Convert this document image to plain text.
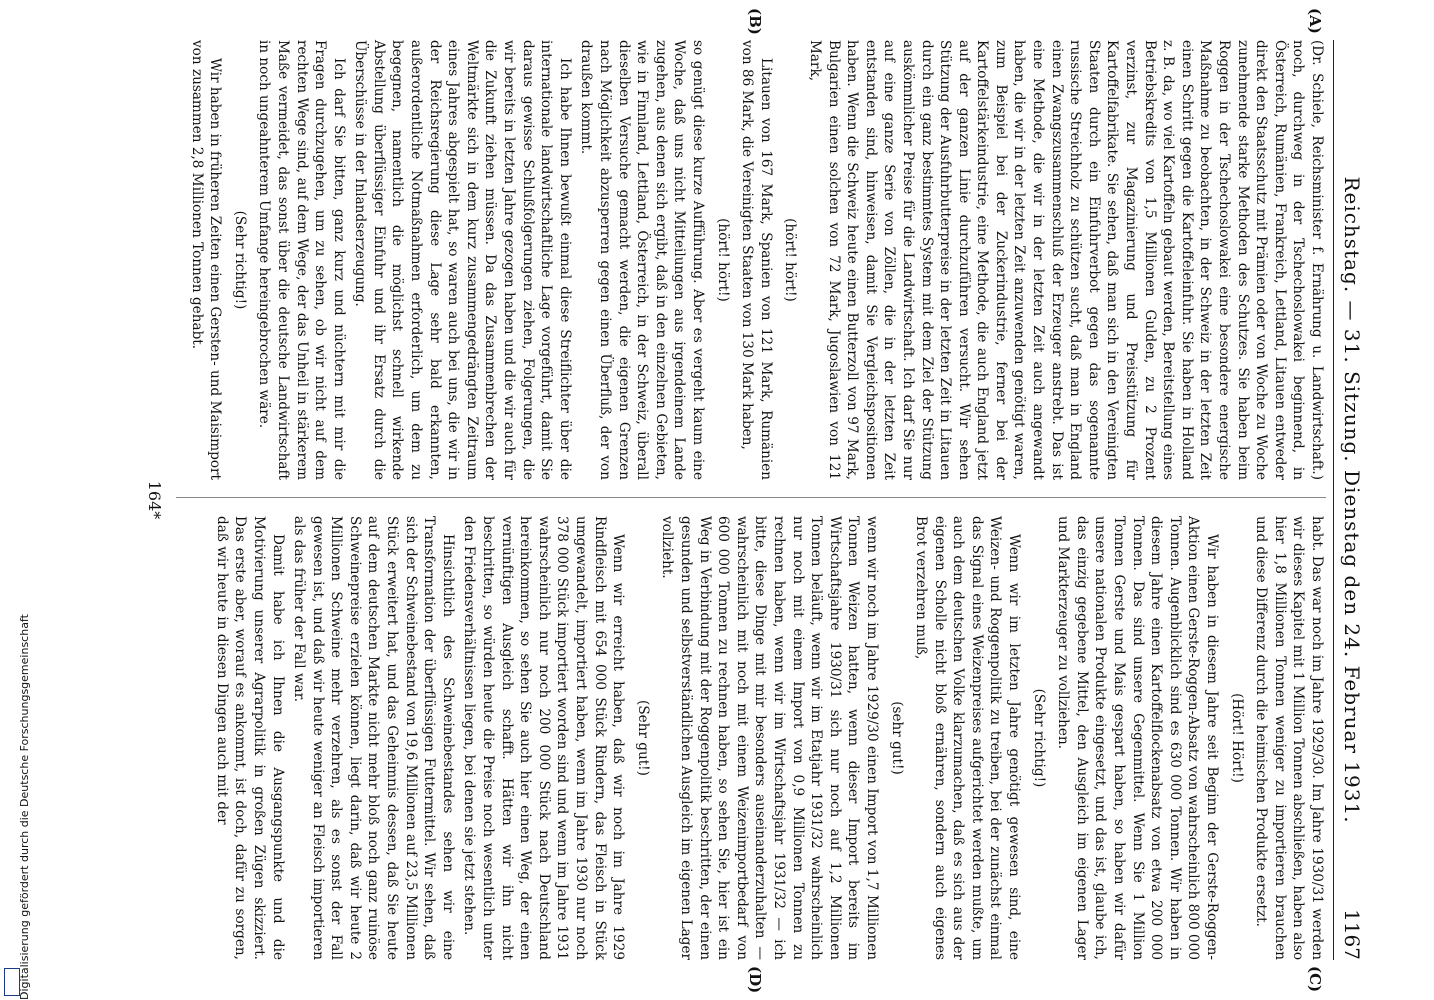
Digitalisierung gefördert durch die Deutsche Forschungsgemeinschaft	Reichstag. — 31. Sitzung. Dienstag den 24. Februar 1931.
1167
(A)
(B)
(C)
(D)

(Dr. Schiele, Reichsminister f. Ernährung u. Landwirtschaft.) noch, durchweg in der Tschechoslowakei beginnend, in Österreich, Rumänien, Frankreich, Lettland, Litauen entweder direkt den Staatsschutz mit Prämien oder von Woche zu Woche zunehmende starke Methoden des Schutzes. Sie haben beim Roggen in der Tschechoslowakei eine besondere energische Maßnahme zu beobachten, in der Schweiz in der letzten Zeit einen Schritt gegen die Kartoffeleinfuhr. Sie haben in Holland z. B. da, wo viel Kartoffeln gebaut werden, Bereitstellung eines Betriebskredits von 1,5 Millionen Gulden, zu 2 Prozent verzinst, zur Magazinierung und Preisstützung für Kartoffelfabrikate. Sie sehen, daß man sich in den Vereinigten Staaten durch ein Einfuhrverbot gegen das sogenannte russische Streichholz zu schützen sucht, daß man in England einen Zwangszusammenschluß der Erzeuger anstrebt. Das ist eine Methode, die wir in der letzten Zeit auch angewandt haben, die wir in der letzten Zeit anzuwenden genötigt waren, zum Beispiel bei der Zuckerindustrie, ferner bei der Kartoffelstärkeindustrie, eine Methode, die auch England jetzt auf der ganzen Linie durchzuführen versucht. Wir sehen Stützung der Ausfuhrbutterpreise in der letzten Zeit in Litauen durch ein ganz bestimmtes System mit dem Ziel der Stützung auskömmlicher Preise für die Landwirtschaft. Ich darf Sie nur auf eine ganze Serie von Zöllen, die in der letzten Zeit entstanden sind, hinweisen, damit Sie Vergleichspositionen haben. Wenn die Schweiz heute einen Butterzoll von 97 Mark, Bulgarien einen solchen von 72 Mark, Jugoslawien von 121 Mark,

(hört! hört!)

Litauen von 167 Mark, Spanien von 121 Mark, Rumänien von 86 Mark, die Vereinigten Staaten von 130 Mark haben,

(hört! hört!)

so genügt diese kurze Aufführung. Aber es vergeht kaum eine Woche, daß uns nicht Mitteilungen aus irgendeinem Lande zugehen, aus denen sich ergibt, daß in den einzelnen Gebieten, wie in Finnland, Lettland, Österreich, in der Schweiz, überall dieselben Versuche gemacht werden, die eigenen Grenzen nach Möglichkeit abzusperren gegen einen Überfluß, der von draußen kommt.

Ich habe Ihnen bewußt einmal diese Streiflichter über die internationale landwirtschaftliche Lage vorgeführt, damit Sie daraus gewisse Schlußfolgerungen ziehen, Folgerungen, die wir bereits in letzten Jahre gezogen haben und die wir auch für die Zukunft ziehen müssen. Da das Zusammenbrechen der Weltmärkte sich in dem kurz zusammengedrängten Zeitraum eines Jahres abgespielt hat, so waren auch bei uns, die wir in der Reichsregierung diese Lage sehr bald erkannten, außerordentliche Notmaßnahmen erforderlich, um dem zu begegnen, namentlich die möglichst schnell wirkende Abstellung überflüssiger Einfuhr und ihr Ersatz durch die Überschüsse in der Inlandserzeugung.

Ich darf Sie bitten, ganz kurz und nüchtern mit mir die Fragen durchzugehen, um zu sehen, ob wir nicht auf dem rechten Wege sind, auf dem Wege, der das Unheil in stärkerem Maße vermeidet, das sonst über die deutsche Landwirtschaft in noch ungeahnterem Umfange hereingebrochen wäre.

(Sehr richtig!)

Wir haben in früheren Zeiten einen Gersten- und Maisimport von zusammen 2,8 Millionen Tonnen gehabt.

habt. Das war noch im Jahre 1929/30. Im Jahre 1930/31 werden wir dieses Kapitel mit 1 Million Tonnen abschließen, haben also hier 1,8 Millionen Tonnen weniger zu importieren brauchen und diese Differenz durch die heimischen Produkte ersetzt.

(Hört! Hört!)

Wir haben in diesem Jahre seit Beginn der Gerste-Roggen-Aktion einen Gerste-Roggen-Absatz von wahrscheinlich 800 000 Tonnen. Augenblicklich sind es 630 000 Tonnen. Wir haben in diesem Jahre einen Kartoffelflockenabsatz von etwa 200 000 Tonnen. Das sind unsere Gegenmittel. Wenn Sie 1 Million Tonnen Gerste und Mais gespart haben, so haben wir dafür unsere nationalen Produkte eingesetzt, und das ist, glaube ich, das einzig gegebene Mittel, den Ausgleich im eigenen Lager und Markterzeuger zu vollziehen.

(Sehr richtig!)

Wenn wir im letzten Jahre genötigt gewesen sind, eine Weizen- und Roggenpolitik zu treiben, bei der zunächst einmal das Signal eines Weizenpreises aufgerichtet werden mußte, um auch dem deutschen Volke klarzumachen, daß es sich aus der eigenen Scholle nicht bloß ernähren, sondern auch eigenes Brot verzehren muß,

(sehr gut!)

wenn wir noch im Jahre 1929/30 einen Import von 1,7 Millionen Tonnen Weizen hatten, wenn dieser Import bereits im Wirtschaftsjahre 1930/31 sich nur noch auf 1,2 Millionen Tonnen beläuft, wenn wir im Etatjahr 1931/32 wahrscheinlich nur noch mit einem Import von 0,9 Millionen Tonnen zu rechnen haben, wenn wir im Wirtschaftsjahr 1931/32 — ich bitte, diese Dinge mit mir besonders auseinanderzuhalten — wahrscheinlich mit noch mit einem Weizenimportbedarf von 600 000 Tonnen zu rechnen haben, so sehen Sie, hier ist ein Weg in Verbindung mit der Roggenpolitik beschritten, der einen gesunden und selbstverständlichen Ausgleich im eigenen Lager vollzieht.

(Sehr gut!)

Wenn wir erreicht haben, daß wir noch im Jahre 1929 Rindfleisch mit 654 000 Stück Rindern, das Fleisch in Stück umgewandelt, importiert haben, wenn im Jahre 1930 nur noch 378 000 Stück importiert worden sind und wenn im Jahre 1931 wahrscheinlich nur noch 200 000 Stück nach Deutschland hereinkommen, so sehen Sie auch hier einen Weg, der einen vernünftigen Ausgleich schafft. Hätten wir ihn nicht beschritten, so würden heute die Preise noch wesentlich unter den Friedensverhältnissen liegen, bei denen sie jetzt stehen.

Hinsichtlich des Schweinebestandes sehen wir eine Transformation der überflüssigen Futtermittel. Wir sehen, daß sich der Schweinebestand von 19,6 Millionen auf 23,5 Millionen Stück erweitert hat, und das Geheimnis dessen, daß Sie heute auf dem deutschen Markte nicht mehr bloß noch ganz ruinöse Schweinepreise erzielen können, liegt darin, daß wir heute 2 Millionen Schweine mehr verzehren, als es sonst der Fall gewesen ist, und daß wir heute weniger an Fleisch importieren als das früher der Fall war.

Damit habe ich Ihnen die Ausgangspunkte und die Motivierung unserer Agrarpolitik in großen Zügen skizziert. Das erste aber, worauf es ankommt, ist doch, dafür zu sorgen, daß wir heute in diesen Dingen auch mit der

164*
